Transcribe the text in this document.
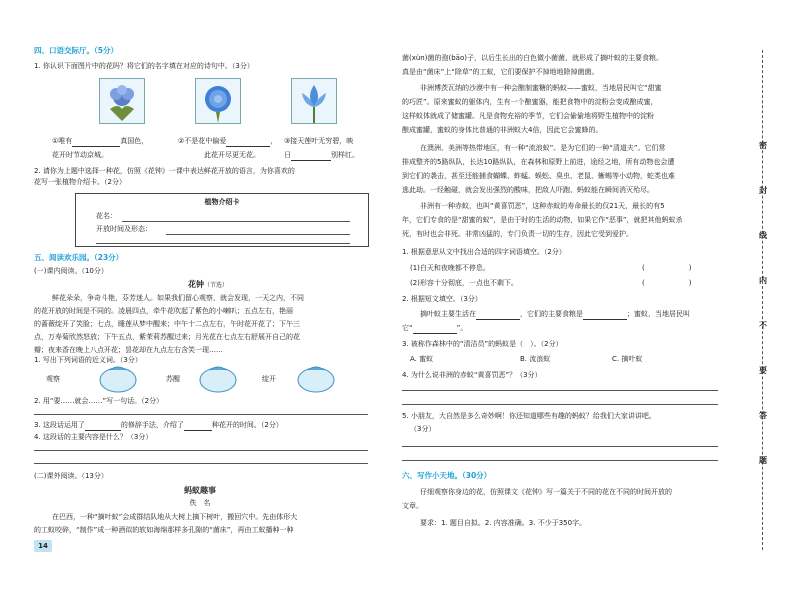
四、口语交际厅。（5分）
1. 你认识下面图片中的花吗？将它们的名字填在对应的诗句中。（3分）
①唯有	真国色，	②不是花中偏爱	， ③接天莲叶无穷碧，映
花开时节动京城。	此花开尽更无花。	日	别样红。
2. 请你为上题中选择一种花，仿照《花钟》一课中表达鲜花开放的语言，为你喜欢的
花写一张植物介绍卡。（2分）
植物介绍卡
花名：
开放时间及形态：
五、阅读欢乐园。（23分）
(一)课内阅读。（10分）
花钟（节选）
鲜花朵朵，争奇斗艳，芬芳迷人。如果我们留心观察，就会发现，一天之内，不同
的花开放的时间是不同的。凌晨四点，牵牛花吹起了紫色的小喇叭；五点左右，艳丽
的蔷薇绽开了笑脸；七点，睡莲从梦中醒来；中午十二点左右，午时花开花了；下午三
点，万寿菊欣然怒放；下午五点，紫茉莉苏醒过来；月光花在七点左右舒展开自己的花
瓣；夜来香在晚上八点开花；昙花却在九点左右含笑一现……
1. 写出下列词语的近义词。（3分）
观察	苏醒	绽开
2. 用“要……就会……”写一句话。（2分）
3. 这段话运用了	的修辞手法，介绍了	种花开的时间。（2分）
4. 这段话的主要内容是什么？（3分）
(二)课外阅读。（13分）
蚂蚁趣事
佚　名
在巴西，一种“摘叶蚁”会成群结队地从大树上摘下树叶，搬回穴中。先由体形大
的工蚁咬碎，“制作”成一种酒似的软如海绵那样多孔隙的“菌床”，再由工蚁播种一种
14
菌(xùn)菌的孢(bāo)子，以后生长出的白色微小菌菌，就形成了摘叶蚁的主要食粮。
真是由“菌床”上“除草”的工蚁，它们要保护不掉地地除掉菌菌。
非洲博茨瓦纳的沙漠中有一种会酿制蜜糖的蚂蚁——蜜蚁，当地居民叫它“甜蜜
的巧匠”。原来蜜蚁的躯体内，生有一个酿蜜器，能把食物中的淀粉会变成酿成蜜，
这样蚁体就成了储蜜罐。凡是食物充裕的季节，它们会偷偷地将野生植物中的淀粉
酿成蜜罐，蜜蚁的身体比普通的非洲蚁大4倍，因此它会蜜蜂的。
在澳洲、美洲等热带地区，有一种“流浪蚁”。是为它们的一种“清道夫”。它们常
排成整齐的5路纵队，长达10路纵队，在森林和原野上前进，途经之地，所有动物也会遭
到它们的袭击，甚至还能捕食蝴蝶、蚱蜢、蜈蚣、臭虫、老鼠、蜥蜴等小动物，蛇类也难
逃此劫。一经触碰，就会发出强烈的酸味，把敌人吓跑、蚂蚁能在瞬间消灭殆尽。
非洲有一种赤蚁，也叫“黄喜罚恶”，这种赤蚁的寿命最长的仅21天，最长的有5
年，它们专食的是“甜蜜的蚁”，是由于时的生活的动物，如果它作“恶事”，就把其他蚂蚁杀
死，有时也会非死。非常凶猛的，专门负责一切的生存，因此它受到爱护。
1. 根据意思从文中找出合适的四字词语填空。（2分）
(1)白天和夜晚都不停息。	(	)
(2)形容十分彻底，一点也不剩下。	(	)
2. 根据短文填空。（3分）
摘叶蚁主要生活在	，它们的主要食粮是	；蜜蚁，当地居民叫
它“	”。
3. 被称作森林中的“清洁员”的蚂蚁是（　）。（2分）
A. 蜜蚁	B. 流浪蚁	C. 摘叶蚁
4. 为什么说非洲的赤蚁“黄喜罚恶”？（3分）
5. 小朋友，大自然是多么奇妙啊！你还知道哪些有趣的蚂蚁？给我们大家讲讲吧。
（3分）
六、写作小天地。（30分）
仔细观察你身边的花，仿照课文《花钟》写一篇关于不同的花在不同的时间开放的
文章。
要求：1. 题目自拟。2. 内容准确。3. 不少于350字。
密
封
线
内
不
要
答
题
